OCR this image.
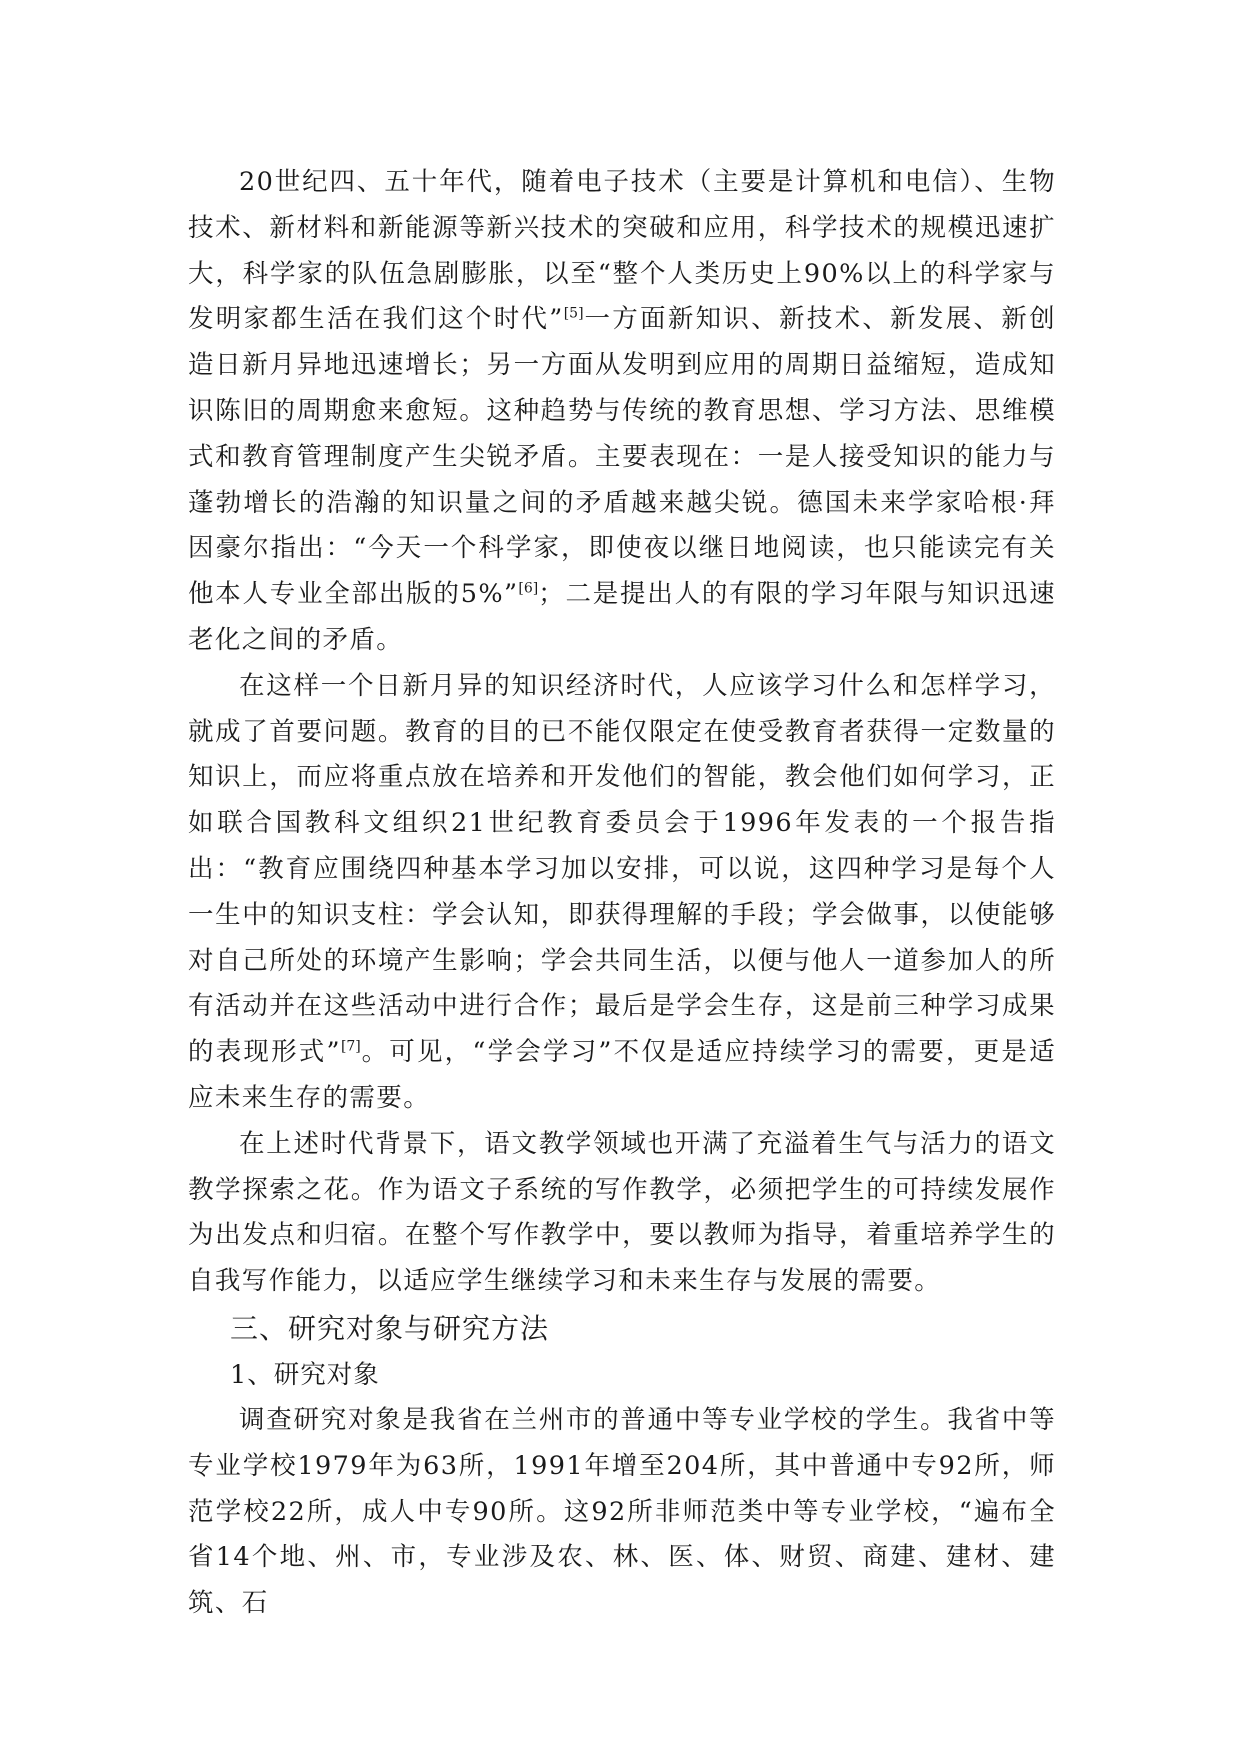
20世纪四、五十年代，随着电子技术（主要是计算机和电信）、生物技术、新材料和新能源等新兴技术的突破和应用，科学技术的规模迅速扩大，科学家的队伍急剧膨胀，以至“整个人类历史上90%以上的科学家与发明家都生活在我们这个时代”[5]一方面新知识、新技术、新发展、新创造日新月异地迅速增长；另一方面从发明到应用的周期日益缩短，造成知识陈旧的周期愈来愈短。这种趋势与传统的教育思想、学习方法、思维模式和教育管理制度产生尖锐矛盾。主要表现在：一是人接受知识的能力与蓬勃增长的浩瀚的知识量之间的矛盾越来越尖锐。德国未来学家哈根·拜因豪尔指出：“今天一个科学家，即使夜以继日地阅读，也只能读完有关他本人专业全部出版的5%”[6]；二是提出人的有限的学习年限与知识迅速老化之间的矛盾。

在这样一个日新月异的知识经济时代，人应该学习什么和怎样学习，就成了首要问题。教育的目的已不能仅限定在使受教育者获得一定数量的知识上，而应将重点放在培养和开发他们的智能，教会他们如何学习，正如联合国教科文组织21世纪教育委员会于1996年发表的一个报告指出：“教育应围绕四种基本学习加以安排，可以说，这四种学习是每个人一生中的知识支柱：学会认知，即获得理解的手段；学会做事，以使能够对自己所处的环境产生影响；学会共同生活，以便与他人一道参加人的所有活动并在这些活动中进行合作；最后是学会生存，这是前三种学习成果的表现形式”[7]。可见，“学会学习”不仅是适应持续学习的需要，更是适应未来生存的需要。

在上述时代背景下，语文教学领域也开满了充溢着生气与活力的语文教学探索之花。作为语文子系统的写作教学，必须把学生的可持续发展作为出发点和归宿。在整个写作教学中，要以教师为指导，着重培养学生的自我写作能力，以适应学生继续学习和未来生存与发展的需要。

三、研究对象与研究方法

1、研究对象

调查研究对象是我省在兰州市的普通中等专业学校的学生。我省中等专业学校1979年为63所，1991年增至204所，其中普通中专92所，师范学校22所，成人中专90所。这92所非师范类中等专业学校，“遍布全省14个地、州、市，专业涉及农、林、医、体、财贸、商建、建材、建筑、石
